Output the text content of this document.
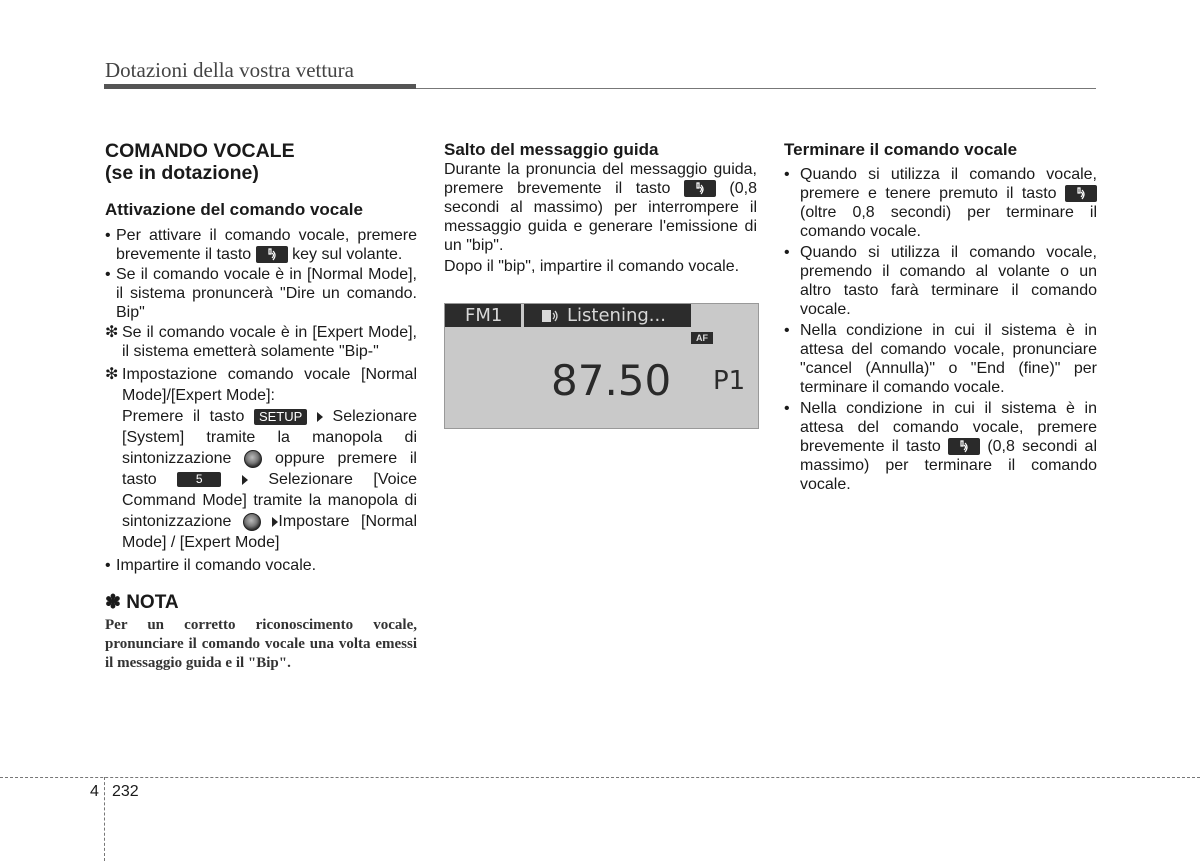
Dotazioni della vostra vettura
COMANDO VOCALE
(se in dotazione)
Attivazione del comando vocale
• Per attivare il comando vocale, premere brevemente il tasto	key sul volante.
• Se il comando vocale è in [Normal Mode], il sistema pronuncerà "Dire un comando. Bip"
❇ Se il comando vocale è in [Expert Mode], il sistema emetterà solamente "Bip-"
❇ Impostazione comando vocale [Normal Mode]/[Expert Mode]:
Premere il tasto SETUP Selezionare [System] tramite la manopola di sintonizzazione	oppure premere il tasto	5	Selezionare [Voice Command Mode] tramite la manopola di sintonizzazione	Impostare [Normal Mode] / [Expert Mode]
• Impartire il comando vocale.
✽ NOTA
Per un corretto riconoscimento vocale, pronunciare il comando vocale una volta emessi il messaggio guida e il "Bip".
Salto del messaggio guida

Durante la pronuncia del messaggio guida, premere brevemente il tasto	(0,8 secondi al massimo) per interrompere il messaggio guida e generare l'emissione di un "bip".

Dopo il "bip", impartire il comando vocale.

FM1	Listening...
AF
87.50 P1
Terminare il comando vocale
• Quando si utilizza il comando vocale, premere e tenere premuto il tasto
(oltre 0,8 secondi) per terminare il comando vocale.
• Quando si utilizza il comando vocale, premendo il comando al volante o un altro tasto farà terminare il comando vocale.
• Nella condizione in cui il sistema è in attesa del comando vocale, pronunciare "cancel (Annulla)" o "End (fine)" per terminare il comando vocale.
• Nella condizione in cui il sistema è in attesa del comando vocale, premere brevemente il tasto	(0,8 secondi al massimo) per terminare il comando vocale.
4 232
